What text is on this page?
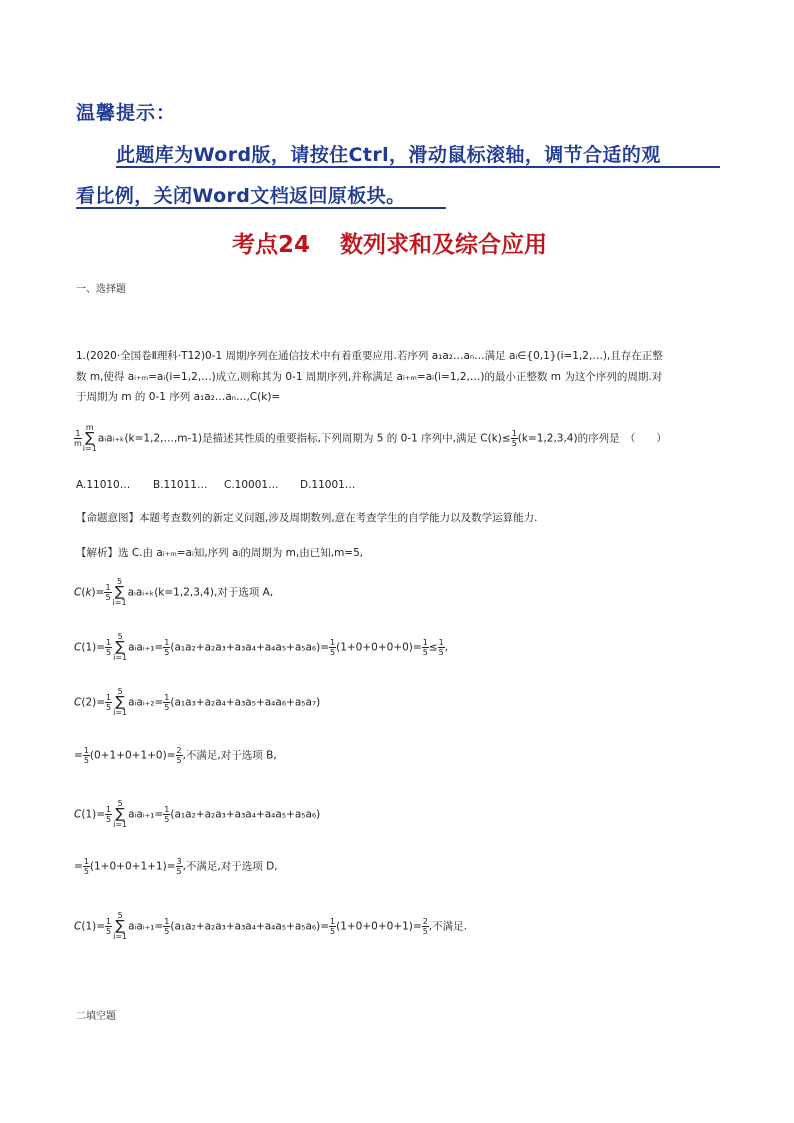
温馨提示：
此题库为Word版，请按住Ctrl，滑动鼠标滚轴，调节合适的观
看比例，关闭Word文档返回原板块。
考点24 数列求和及综合应用
一、选择题
1.(2020·全国卷Ⅱ理科·T12)0-1 周期序列在通信技术中有着重要应用.若序列 a₁a₂…aₙ…满足 aᵢ∈{0,1}(i=1,2,…),且存在正整
数 m,使得 aᵢ₊ₘ=aᵢ(i=1,2,…)成立,则称其为 0-1 周期序列,并称满足 aᵢ₊ₘ=aᵢ(i=1,2,…)的最小正整数 m 为这个序列的周期.对
于周期为 m 的 0-1 序列 a₁a₂…aₙ…,C(k)=
$\frac{1}{m}$
m
∑
i=1aᵢaᵢ₊ₖ(k=1,2,…,m-1)是描述其性质的重要指标,下列周期为 5 的 0-1 序列中,满足 $C(k)\le \frac{1}{5} (k=1,2,3,4)$的序列是　（　　）
A.11010… B.11011… C.10001… D.11001…
【命题意图】本题考查数列的新定义问题,涉及周期数列,意在考查学生的自学能力以及数学运算能力.
【解析】选 C.由 aᵢ₊ₘ=aᵢ知,序列 aᵢ的周期为 m,由已知,m=5,
$C(k)= \frac{1}{5}$
5
∑
i=1aᵢaᵢ₊ₖ(k=1,2,3,4),对于选项 A,
$C(1)= \frac{1}{5}$
5
∑
i=1aᵢaᵢ₊₁= $\frac{1}{5} (a_1a_2+a_2a_3+a_3a_4+a_4a_5+a_5a_6)= \frac{1}{5} (1+0+0+0+0)= \frac{1}{5} \le \frac{1}{5}$ ,
$C(2)= \frac{1}{5}$
5
∑
i=1aᵢaᵢ₊₂= $\frac{1}{5} (a_1a_3+a_2a_4+a_3a_5+a_4a_6+a_5a_7)$
= $\frac{1}{5} (0+1+0+1+0)= \frac{2}{5}$ ,不满足,对于选项 B,
$C(1)= \frac{1}{5}$
5
∑
i=1aᵢaᵢ₊₁= $\frac{1}{5} (a_1a_2+a_2a_3+a_3a_4+a_4a_5+a_5a_6)$
= $\frac{1}{5} (1+0+0+1+1)= \frac{3}{5}$ ,不满足,对于选项 D,
$C(1)= \frac{1}{5}$
5
∑
i=1aᵢaᵢ₊₁= $\frac{1}{5} (a_1a_2+a_2a_3+a_3a_4+a_4a_5+a_5a_6)= \frac{1}{5} (1+0+0+0+1)= \frac{2}{5}$ ,不满足.
二填空题
